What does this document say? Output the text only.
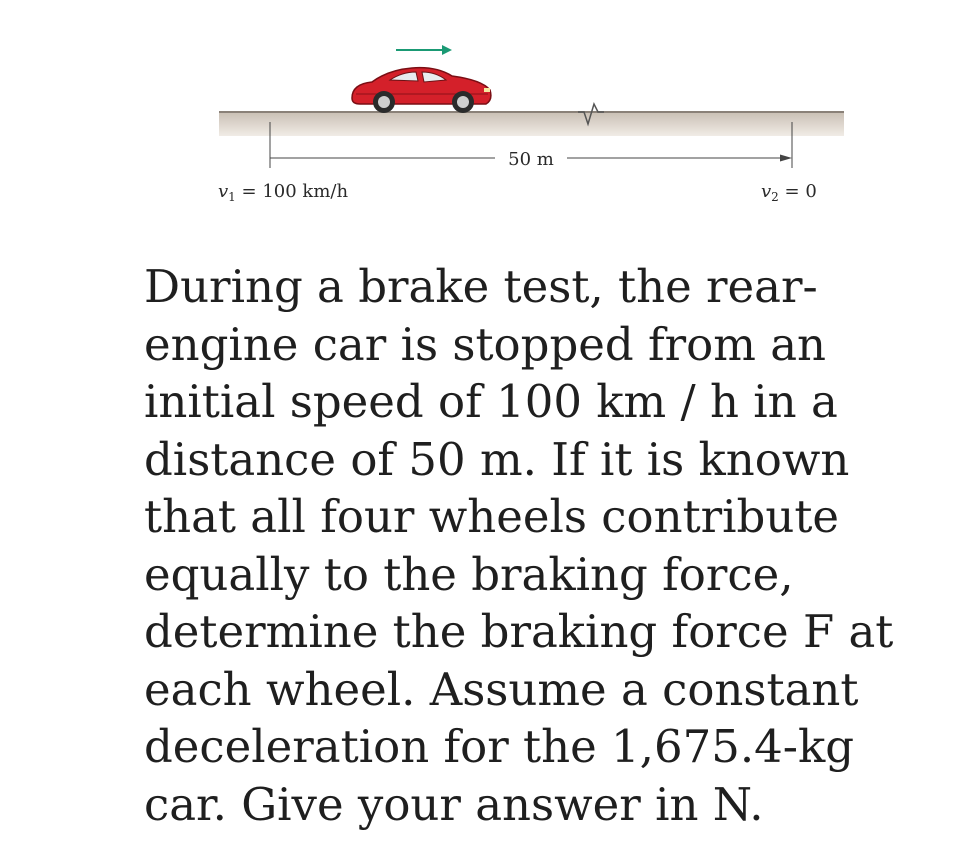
50 m
$v_1 = 100$ km/h	$v_2 = 0$

During a brake test, the rear-engine car is stopped from an initial speed of 100 km / h in a distance of 50 m. If it is known that all four wheels contribute equally to the braking force, determine the braking force F at each wheel. Assume a constant deceleration for the 1,675.4-kg car. Give your answer in N.
